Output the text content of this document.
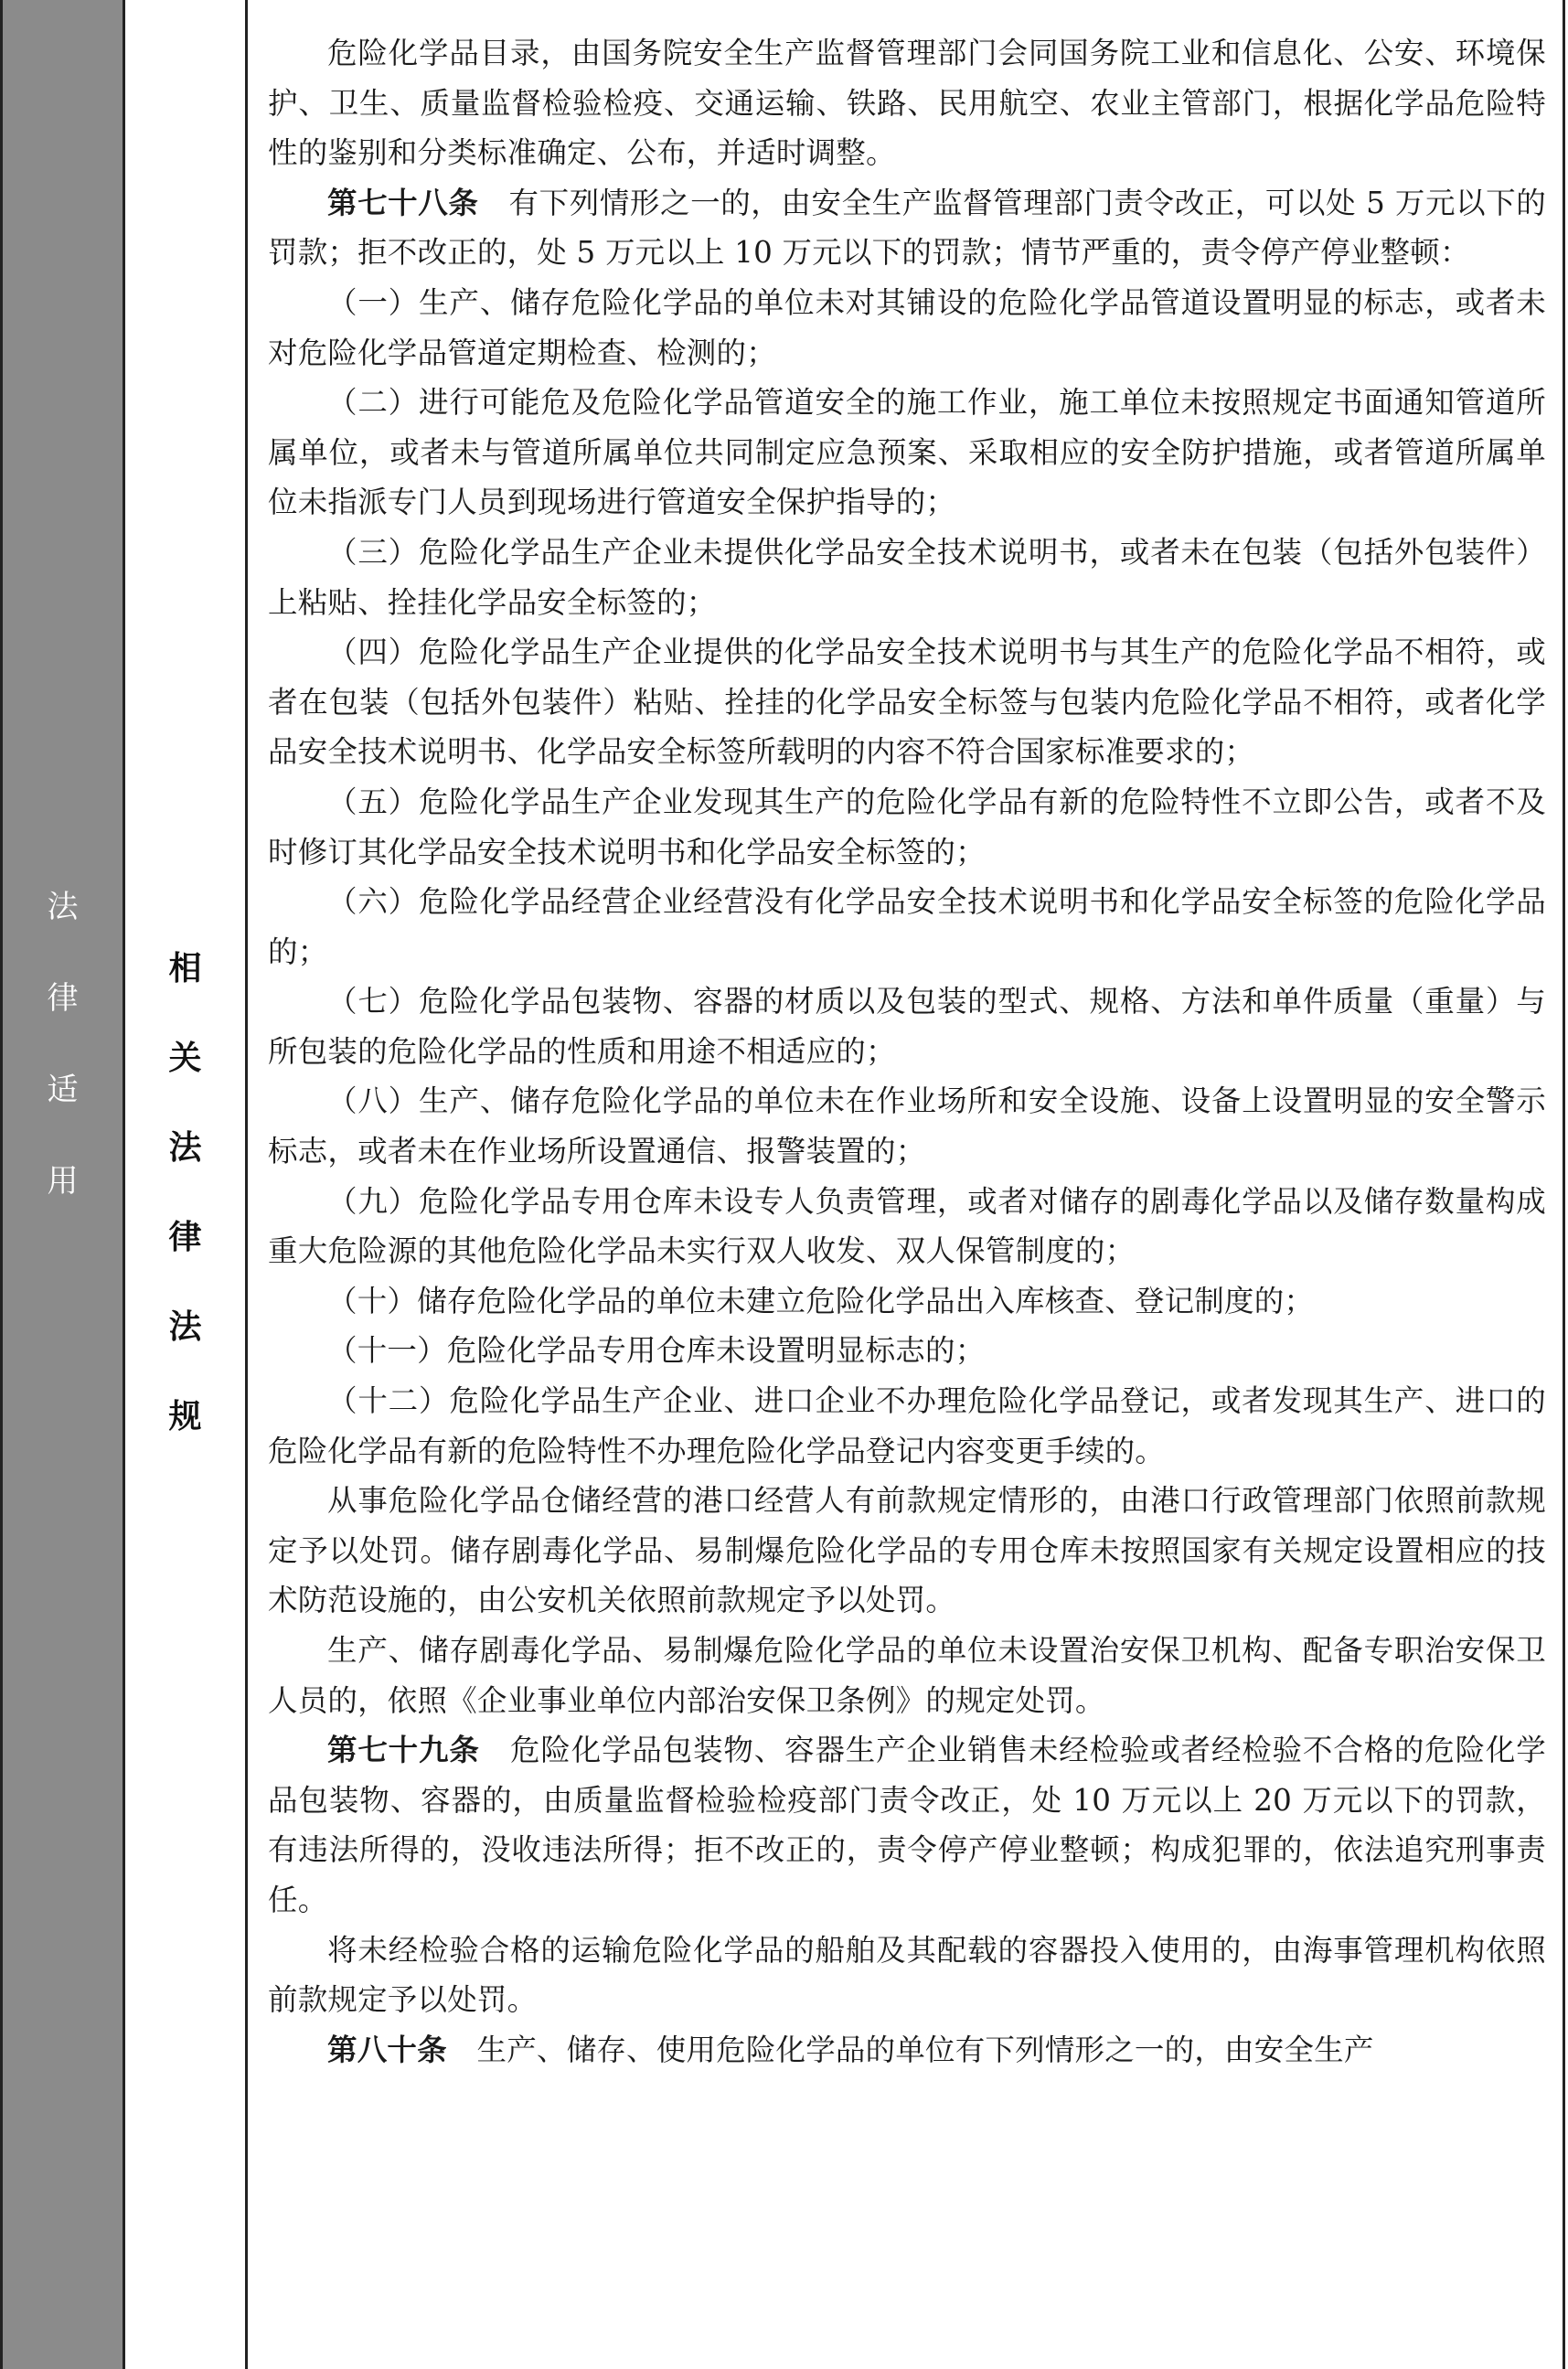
法
律
适
用
相
关
法
律
法
规

危险化学品目录，由国务院安全生产监督管理部门会同国务院工业和信息化、公安、环境保护、卫生、质量监督检验检疫、交通运输、铁路、民用航空、农业主管部门，根据化学品危险特性的鉴别和分类标准确定、公布，并适时调整。

第七十八条　有下列情形之一的，由安全生产监督管理部门责令改正，可以处 5 万元以下的罚款；拒不改正的，处 5 万元以上 10 万元以下的罚款；情节严重的，责令停产停业整顿：

（一）生产、储存危险化学品的单位未对其铺设的危险化学品管道设置明显的标志，或者未对危险化学品管道定期检查、检测的；

（二）进行可能危及危险化学品管道安全的施工作业，施工单位未按照规定书面通知管道所属单位，或者未与管道所属单位共同制定应急预案、采取相应的安全防护措施，或者管道所属单位未指派专门人员到现场进行管道安全保护指导的；

（三）危险化学品生产企业未提供化学品安全技术说明书，或者未在包装（包括外包装件）上粘贴、拴挂化学品安全标签的；

（四）危险化学品生产企业提供的化学品安全技术说明书与其生产的危险化学品不相符，或者在包装（包括外包装件）粘贴、拴挂的化学品安全标签与包装内危险化学品不相符，或者化学品安全技术说明书、化学品安全标签所载明的内容不符合国家标准要求的；

（五）危险化学品生产企业发现其生产的危险化学品有新的危险特性不立即公告，或者不及时修订其化学品安全技术说明书和化学品安全标签的；

（六）危险化学品经营企业经营没有化学品安全技术说明书和化学品安全标签的危险化学品的；

（七）危险化学品包装物、容器的材质以及包装的型式、规格、方法和单件质量（重量）与所包装的危险化学品的性质和用途不相适应的；

（八）生产、储存危险化学品的单位未在作业场所和安全设施、设备上设置明显的安全警示标志，或者未在作业场所设置通信、报警装置的；

（九）危险化学品专用仓库未设专人负责管理，或者对储存的剧毒化学品以及储存数量构成重大危险源的其他危险化学品未实行双人收发、双人保管制度的；

（十）储存危险化学品的单位未建立危险化学品出入库核查、登记制度的；

（十一）危险化学品专用仓库未设置明显标志的；

（十二）危险化学品生产企业、进口企业不办理危险化学品登记，或者发现其生产、进口的危险化学品有新的危险特性不办理危险化学品登记内容变更手续的。

从事危险化学品仓储经营的港口经营人有前款规定情形的，由港口行政管理部门依照前款规定予以处罚。储存剧毒化学品、易制爆危险化学品的专用仓库未按照国家有关规定设置相应的技术防范设施的，由公安机关依照前款规定予以处罚。

生产、储存剧毒化学品、易制爆危险化学品的单位未设置治安保卫机构、配备专职治安保卫人员的，依照《企业事业单位内部治安保卫条例》的规定处罚。

第七十九条　危险化学品包装物、容器生产企业销售未经检验或者经检验不合格的危险化学品包装物、容器的，由质量监督检验检疫部门责令改正，处 10 万元以上 20 万元以下的罚款，有违法所得的，没收违法所得；拒不改正的，责令停产停业整顿；构成犯罪的，依法追究刑事责任。

将未经检验合格的运输危险化学品的船舶及其配载的容器投入使用的，由海事管理机构依照前款规定予以处罚。

第八十条　生产、储存、使用危险化学品的单位有下列情形之一的，由安全生产
